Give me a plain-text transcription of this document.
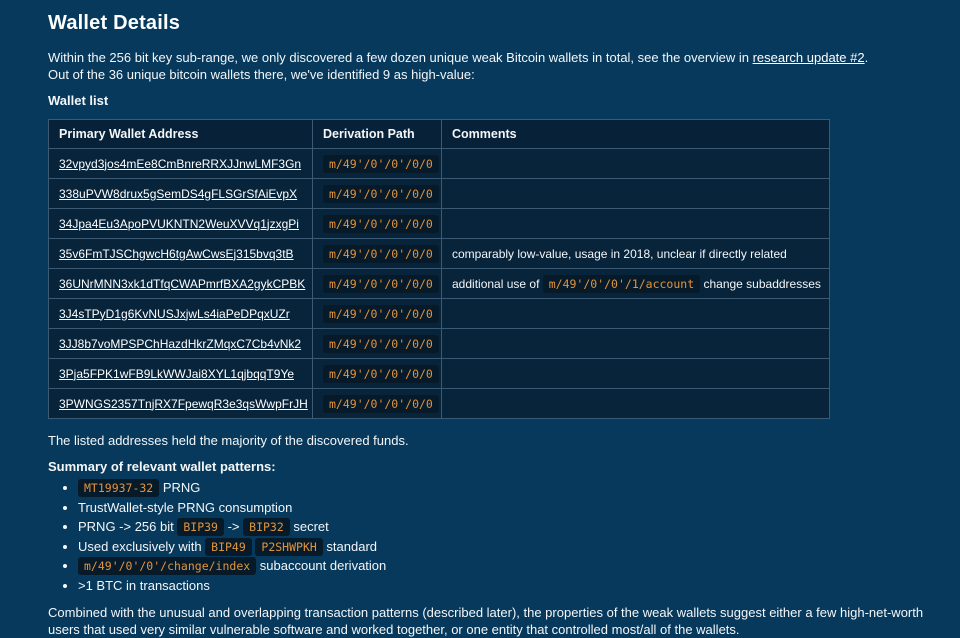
Wallet Details

Within the 256 bit key sub-range, we only discovered a few dozen unique weak Bitcoin wallets in total, see the overview in research update #2.
Out of the 36 unique bitcoin wallets there, we've identified 9 as high-value:

Wallet list

Primary Wallet Address	Derivation Path	Comments
32vpyd3jos4mEe8CmBnreRRXJJnwLMF3Gn	m/49'/0'/0'/0/0	
338uPVW8drux5gSemDS4gFLSGrSfAiEvpX	m/49'/0'/0'/0/0	
34Jpa4Eu3ApoPVUKNTN2WeuXVVq1jzxgPi	m/49'/0'/0'/0/0	
35v6FmTJSChgwcH6tgAwCwsEj315bvq3tB	m/49'/0'/0'/0/0	comparably low-value, usage in 2018, unclear if directly related
36UNrMNN3xk1dTfqCWAPmrfBXA2gykCPBK	m/49'/0'/0'/0/0	additional use of m/49'/0'/0'/1/account change subaddresses
3J4sTPyD1g6KvNUSJxjwLs4iaPeDPqxUZr	m/49'/0'/0'/0/0	
3JJ8b7voMPSPChHazdHkrZMqxC7Cb4vNk2	m/49'/0'/0'/0/0	
3Pja5FPK1wFB9LkWWJai8XYL1qjbqqT9Ye	m/49'/0'/0'/0/0	
3PWNGS2357TnjRX7FpewqR3e3qsWwpFrJH	m/49'/0'/0'/0/0	

The listed addresses held the majority of the discovered funds.

Summary of relevant wallet patterns:

• MT19937-32 PRNG
• TrustWallet-style PRNG consumption
• PRNG -> 256 bit BIP39 -> BIP32 secret
• Used exclusively with BIP49 P2SHWPKH standard
• m/49'/0'/0'/change/index subaccount derivation
• >1 BTC in transactions

Combined with the unusual and overlapping transaction patterns (described later), the properties of the weak wallets suggest either a few high-net-worth users that used very similar vulnerable software and worked together, or one entity that controlled most/all of the wallets.
